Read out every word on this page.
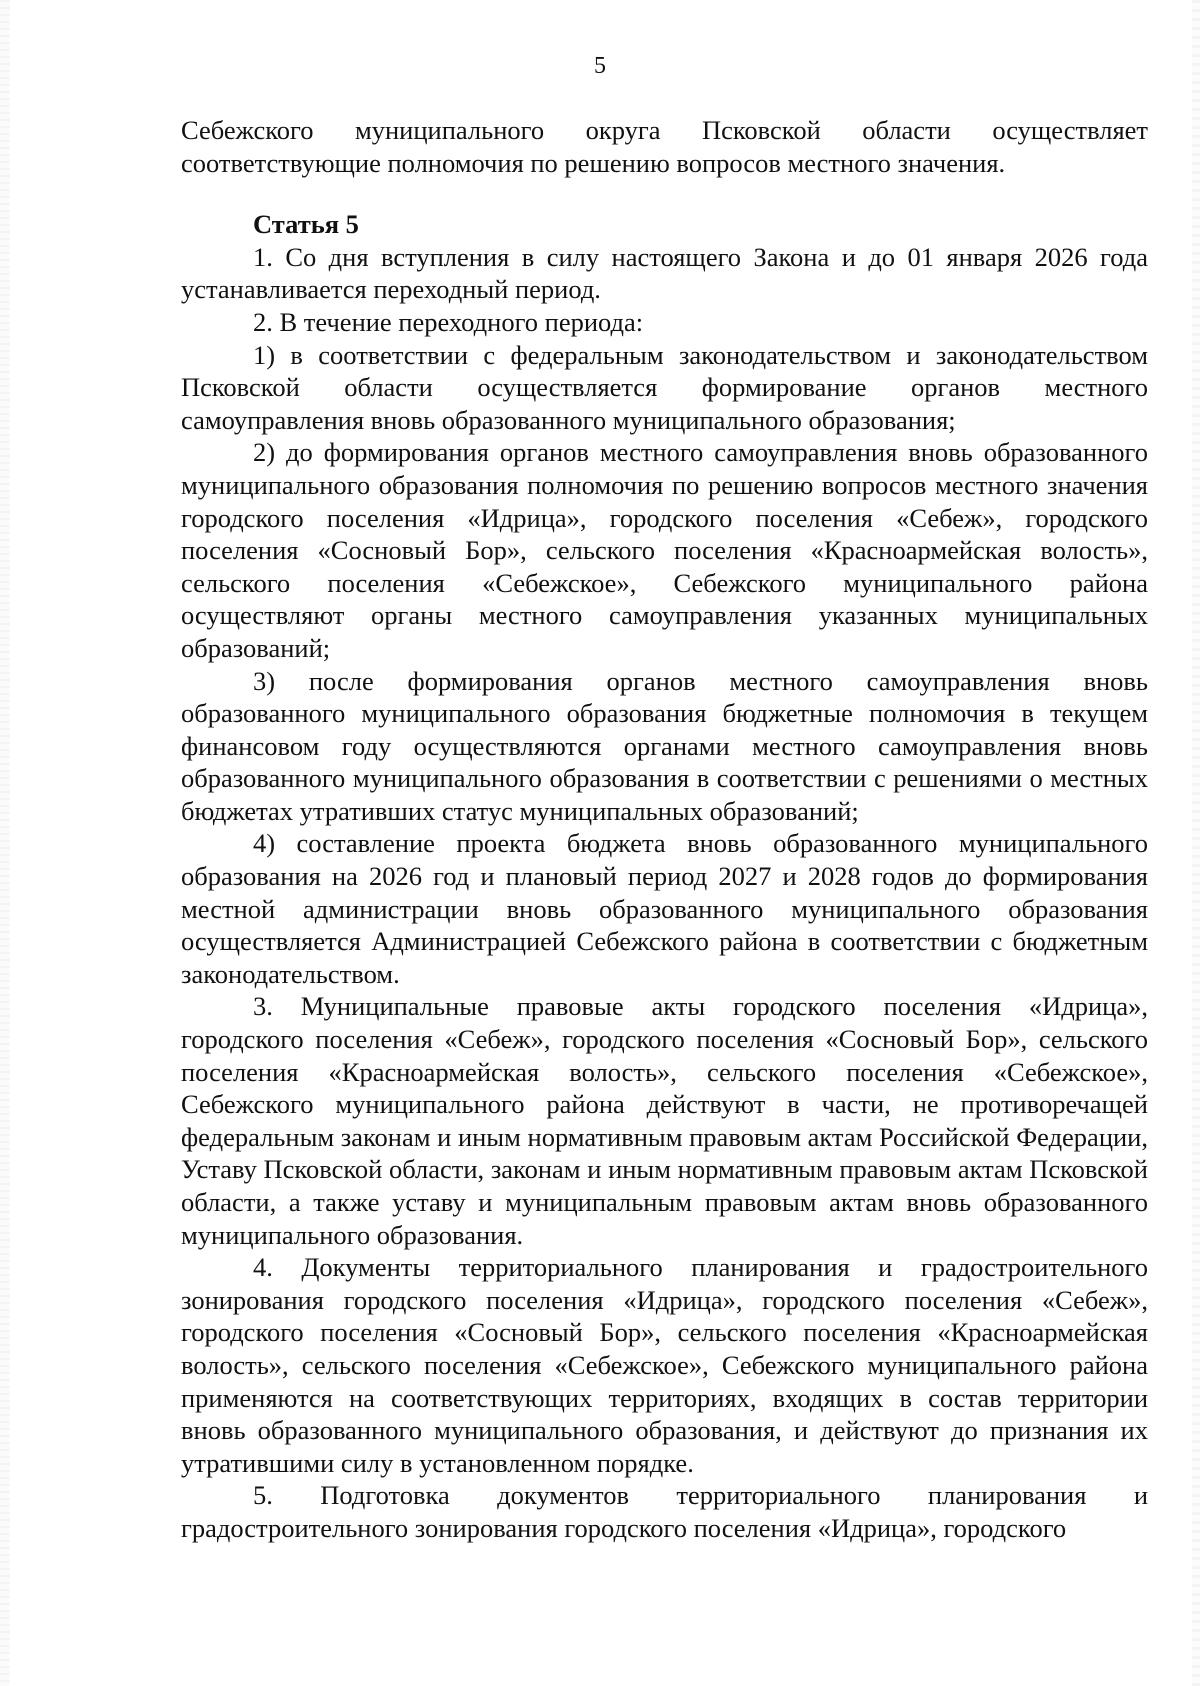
5

Себежского муниципального округа Псковской области осуществляет соответствующие полномочия по решению вопросов местного значения.

Статья 5

1. Со дня вступления в силу настоящего Закона и до 01 января 2026 года устанавливается переходный период.

2. В течение переходного периода:

1) в соответствии с федеральным законодательством и законодательством Псковской области осуществляется формирование органов местного самоуправления вновь образованного муниципального образования;

2) до формирования органов местного самоуправления вновь образованного муниципального образования полномочия по решению вопросов местного значения городского поселения «Идрица», городского поселения «Себеж», городского поселения «Сосновый Бор», сельского поселения «Красноармейская волость», сельского поселения «Себежское», Себежского муниципального района осуществляют органы местного самоуправления указанных муниципальных образований;

3) после формирования органов местного самоуправления вновь образованного муниципального образования бюджетные полномочия в текущем финансовом году осуществляются органами местного самоуправления вновь образованного муниципального образования в соответствии с решениями о местных бюджетах утративших статус муниципальных образований;

4) составление проекта бюджета вновь образованного муниципального образования на 2026 год и плановый период 2027 и 2028 годов до формирования местной администрации вновь образованного муниципального образования осуществляется Администрацией Себежского района в соответствии с бюджетным законодательством.

3. Муниципальные правовые акты городского поселения «Идрица», городского поселения «Себеж», городского поселения «Сосновый Бор», сельского поселения «Красноармейская волость», сельского поселения «Себежское», Себежского муниципального района действуют в части, не противоречащей федеральным законам и иным нормативным правовым актам Российской Федерации, Уставу Псковской области, законам и иным нормативным правовым актам Псковской области, а также уставу и муниципальным правовым актам вновь образованного муниципального образования.

4. Документы территориального планирования и градостроительного зонирования городского поселения «Идрица», городского поселения «Себеж», городского поселения «Сосновый Бор», сельского поселения «Красноармейская волость», сельского поселения «Себежское», Себежского муниципального района применяются на соответствующих территориях, входящих в состав территории вновь образованного муниципального образования, и действуют до признания их утратившими силу в установленном порядке.

5. Подготовка документов территориального планирования и градостроительного зонирования городского поселения «Идрица», городского
